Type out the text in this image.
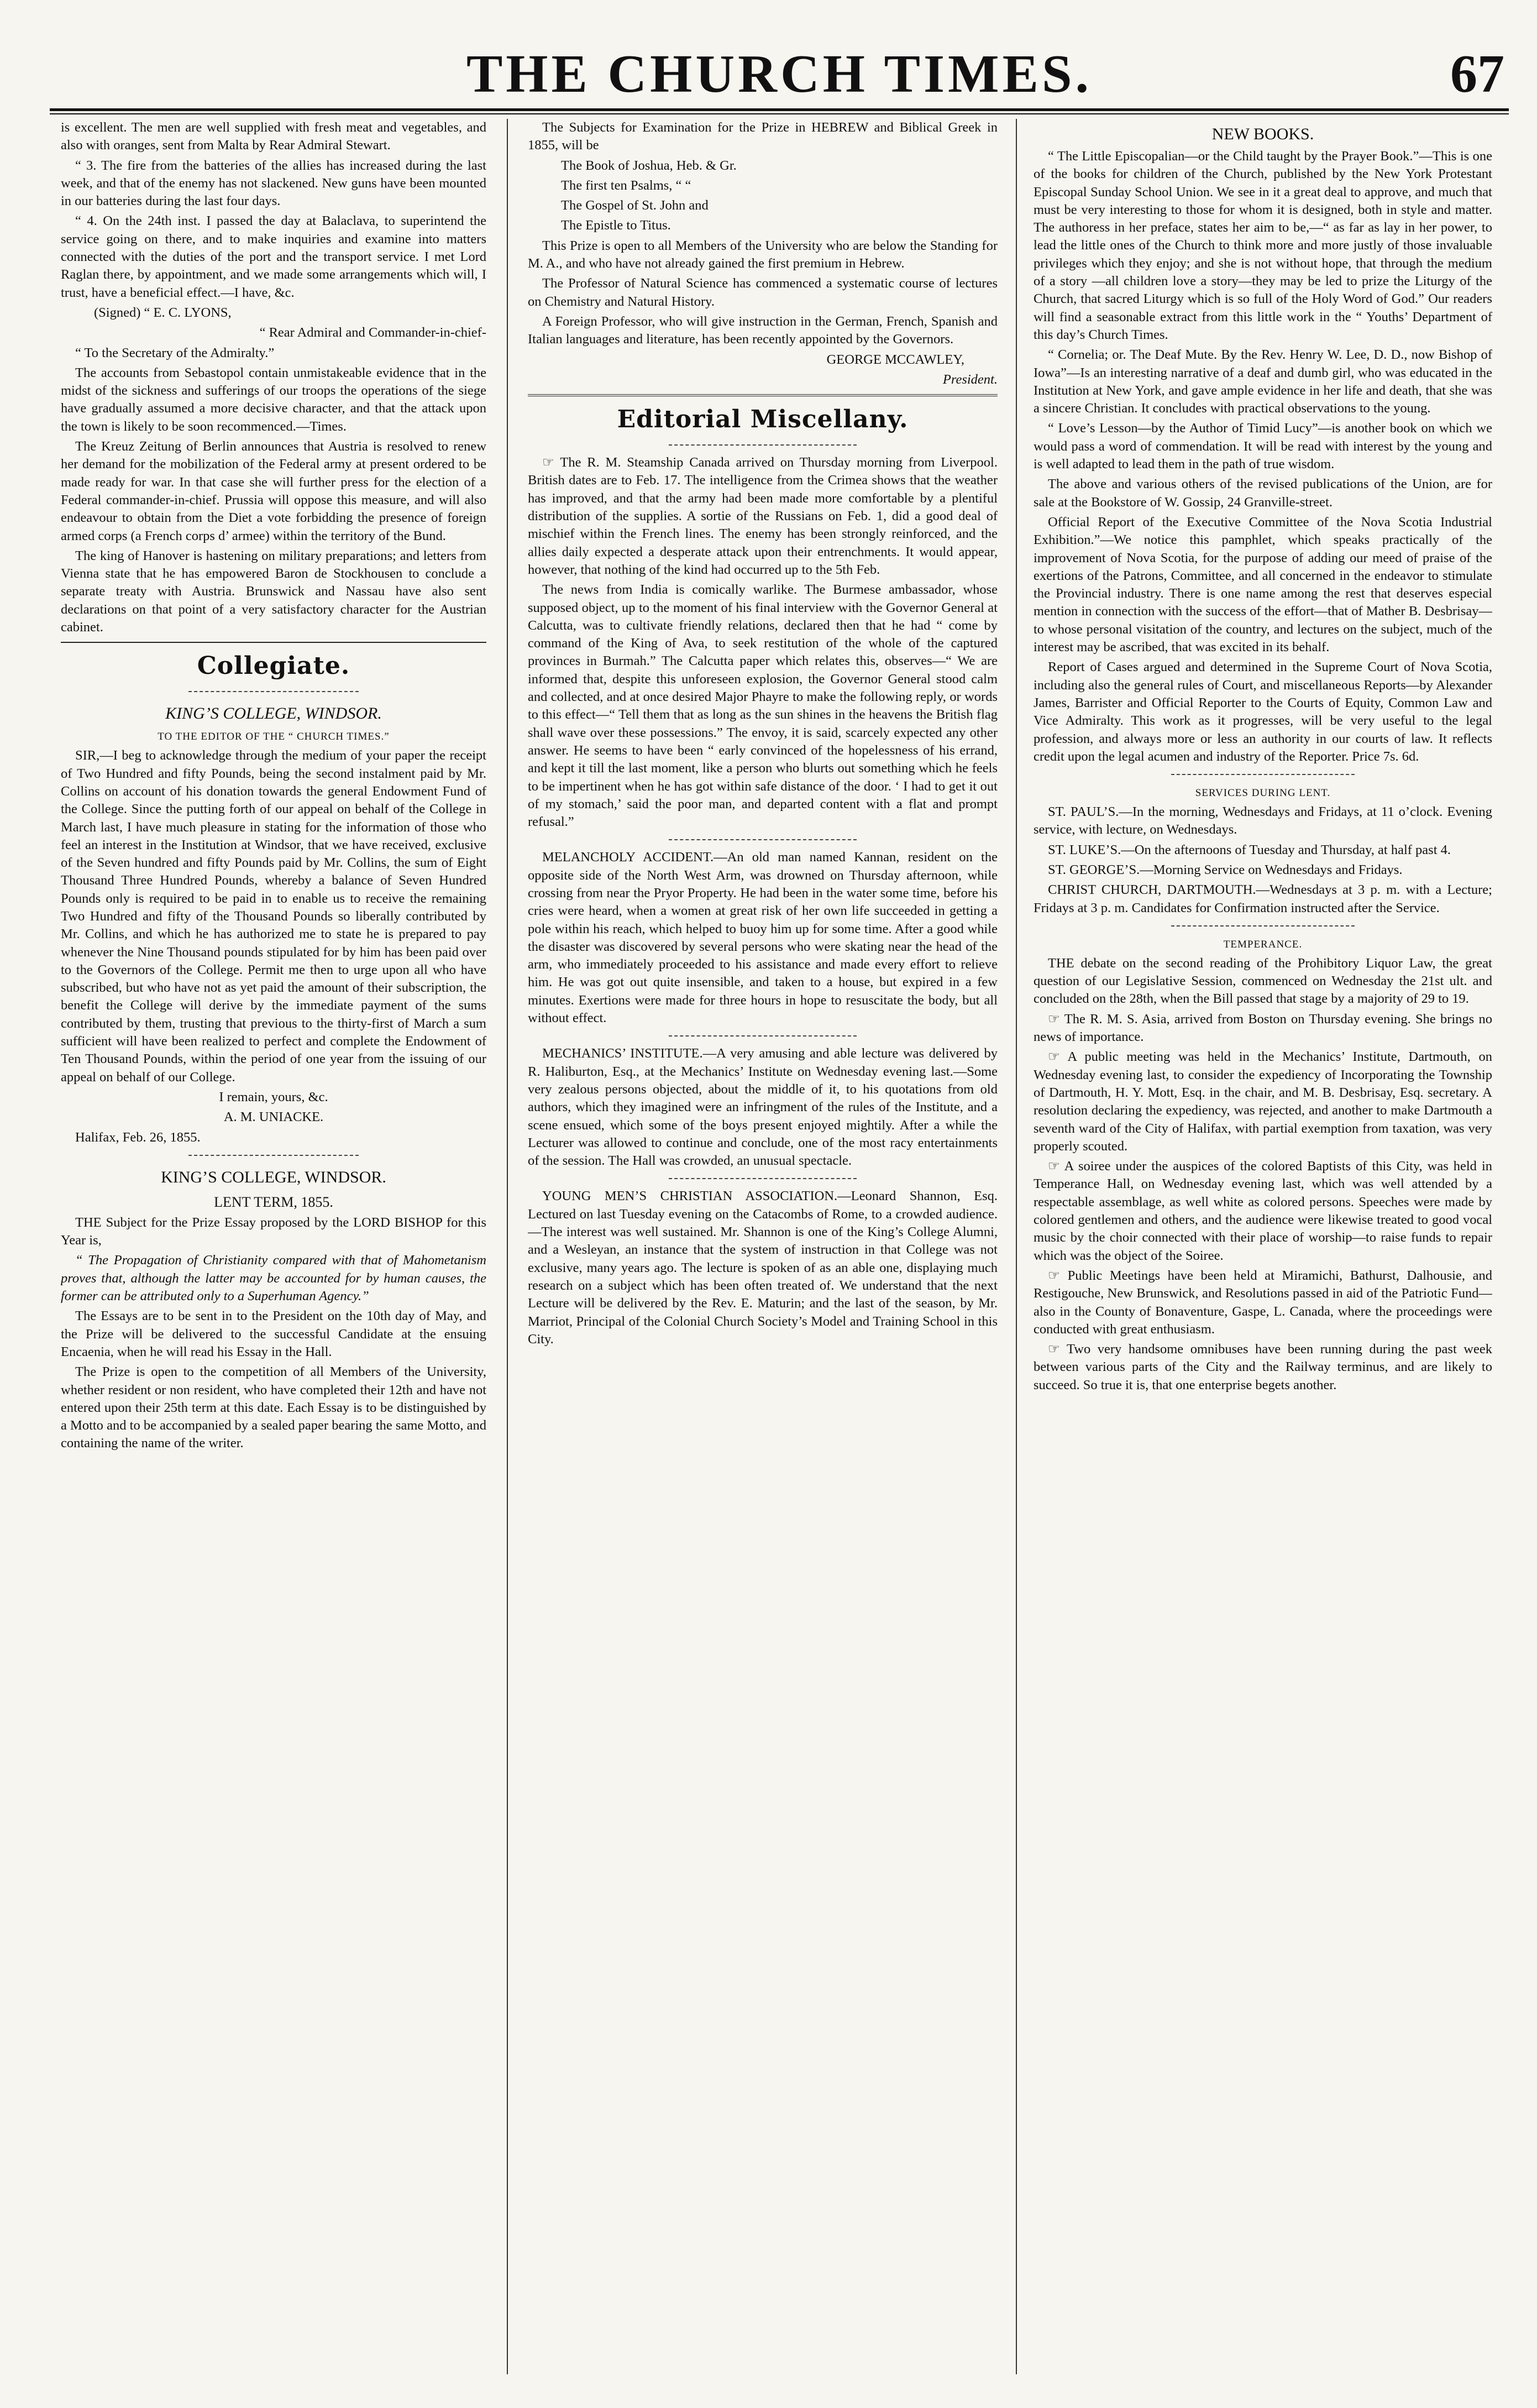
THE CHURCH TIMES.	67

is excellent. The men are well supplied with fresh meat and vegetables, and also with oranges, sent from Malta by Rear Admiral Stewart.

“ 3. The fire from the batteries of the allies has increased during the last week, and that of the enemy has not slackened. New guns have been mounted in our batteries during the last four days.

“ 4. On the 24th inst. I passed the day at Balaclava, to superintend the service going on there, and to make inquiries and examine into matters connected with the duties of the port and the transport service. I met Lord Raglan there, by appointment, and we made some arrangements which will, I trust, have a beneficial effect.—I have, &c.

(Signed) “ E. C. LYONS,

“ Rear Admiral and Commander-in-chief-

“ To the Secretary of the Admiralty.”

The accounts from Sebastopol contain unmistakeable evidence that in the midst of the sickness and sufferings of our troops the operations of the siege have gradually assumed a more decisive character, and that the attack upon the town is likely to be soon recommenced.—Times.

The Kreuz Zeitung of Berlin announces that Austria is resolved to renew her demand for the mobilization of the Federal army at present ordered to be made ready for war. In that case she will further press for the election of a Federal commander-in-chief. Prussia will oppose this measure, and will also endeavour to obtain from the Diet a vote forbidding the presence of foreign armed corps (a French corps d’ armee) within the territory of the Bund.

The king of Hanover is hastening on military preparations; and letters from Vienna state that he has empowered Baron de Stockhousen to conclude a separate treaty with Austria. Brunswick and Nassau have also sent declarations on that point of a very satisfactory character for the Austrian cabinet.

Collegiate.
KING’S COLLEGE, WINDSOR.
TO THE EDITOR OF THE “ CHURCH TIMES.”

SIR,—I beg to acknowledge through the medium of your paper the receipt of Two Hundred and fifty Pounds, being the second instalment paid by Mr. Collins on account of his donation towards the general Endowment Fund of the College. Since the putting forth of our appeal on behalf of the College in March last, I have much pleasure in stating for the information of those who feel an interest in the Institution at Windsor, that we have received, exclusive of the Seven hundred and fifty Pounds paid by Mr. Collins, the sum of Eight Thousand Three Hundred Pounds, whereby a balance of Seven Hundred Pounds only is required to be paid in to enable us to receive the remaining Two Hundred and fifty of the Thousand Pounds so liberally contributed by Mr. Collins, and which he has authorized me to state he is prepared to pay whenever the Nine Thousand pounds stipulated for by him has been paid over to the Governors of the College. Permit me then to urge upon all who have subscribed, but who have not as yet paid the amount of their subscription, the benefit the College will derive by the immediate payment of the sums contributed by them, trusting that previous to the thirty-first of March a sum sufficient will have been realized to perfect and complete the Endowment of Ten Thousand Pounds, within the period of one year from the issuing of our appeal on behalf of our College.

I remain, yours, &c.

A. M. UNIACKE.

Halifax, Feb. 26, 1855.

KING’S COLLEGE, WINDSOR.
LENT TERM, 1855.

THE Subject for the Prize Essay proposed by the LORD BISHOP for this Year is,

“ The Propagation of Christianity compared with that of Mahometanism proves that, although the latter may be accounted for by human causes, the former can be attributed only to a Superhuman Agency.”

The Essays are to be sent in to the President on the 10th day of May, and the Prize will be delivered to the successful Candidate at the ensuing Encaenia, when he will read his Essay in the Hall.

The Prize is open to the competition of all Members of the University, whether resident or non resident, who have completed their 12th and have not entered upon their 25th term at this date. Each Essay is to be distinguished by a Motto and to be accompanied by a sealed paper bearing the same Motto, and containing the name of the writer.

The Subjects for Examination for the Prize in HEBREW and Biblical Greek in 1855, will be

The Book of Joshua, Heb. & Gr.

The first ten Psalms, “ “

The Gospel of St. John and

The Epistle to Titus.

This Prize is open to all Members of the University who are below the Standing for M. A., and who have not already gained the first premium in Hebrew.

The Professor of Natural Science has commenced a systematic course of lectures on Chemistry and Natural History.

A Foreign Professor, who will give instruction in the German, French, Spanish and Italian languages and literature, has been recently appointed by the Governors.

GEORGE MCCAWLEY,

President.

Editorial Miscellany.

☞ The R. M. Steamship Canada arrived on Thursday morning from Liverpool. British dates are to Feb. 17. The intelligence from the Crimea shows that the weather has improved, and that the army had been made more comfortable by a plentiful distribution of the supplies. A sortie of the Russians on Feb. 1, did a good deal of mischief within the French lines. The enemy has been strongly reinforced, and the allies daily expected a desperate attack upon their entrenchments. It would appear, however, that nothing of the kind had occurred up to the 5th Feb.

The news from India is comically warlike. The Burmese ambassador, whose supposed object, up to the moment of his final interview with the Governor General at Calcutta, was to cultivate friendly relations, declared then that he had “ come by command of the King of Ava, to seek restitution of the whole of the captured provinces in Burmah.” The Calcutta paper which relates this, observes—“ We are informed that, despite this unforeseen explosion, the Governor General stood calm and collected, and at once desired Major Phayre to make the following reply, or words to this effect—“ Tell them that as long as the sun shines in the heavens the British flag shall wave over these possessions.” The envoy, it is said, scarcely expected any other answer. He seems to have been “ early convinced of the hopelessness of his errand, and kept it till the last moment, like a person who blurts out something which he feels to be impertinent when he has got within safe distance of the door. ‘ I had to get it out of my stomach,’ said the poor man, and departed content with a flat and prompt refusal.”

MELANCHOLY ACCIDENT.—An old man named Kannan, resident on the opposite side of the North West Arm, was drowned on Thursday afternoon, while crossing from near the Pryor Property. He had been in the water some time, before his cries were heard, when a women at great risk of her own life succeeded in getting a pole within his reach, which helped to buoy him up for some time. After a good while the disaster was discovered by several persons who were skating near the head of the arm, who immediately proceeded to his assistance and made every effort to relieve him. He was got out quite insensible, and taken to a house, but expired in a few minutes. Exertions were made for three hours in hope to resuscitate the body, but all without effect.

MECHANICS’ INSTITUTE.—A very amusing and able lecture was delivered by R. Haliburton, Esq., at the Mechanics’ Institute on Wednesday evening last.—Some very zealous persons objected, about the middle of it, to his quotations from old authors, which they imagined were an infringment of the rules of the Institute, and a scene ensued, which some of the boys present enjoyed mightily. After a while the Lecturer was allowed to continue and conclude, one of the most racy entertainments of the session. The Hall was crowded, an unusual spectacle.

YOUNG MEN’S CHRISTIAN ASSOCIATION.—Leonard Shannon, Esq. Lectured on last Tuesday evening on the Catacombs of Rome, to a crowded audience.—The interest was well sustained. Mr. Shannon is one of the King’s College Alumni, and a Wesleyan, an instance that the system of instruction in that College was not exclusive, many years ago. The lecture is spoken of as an able one, displaying much research on a subject which has been often treated of. We understand that the next Lecture will be delivered by the Rev. E. Maturin; and the last of the season, by Mr. Marriot, Principal of the Colonial Church Society’s Model and Training School in this City.

NEW BOOKS.

“ The Little Episcopalian—or the Child taught by the Prayer Book.”—This is one of the books for children of the Church, published by the New York Protestant Episcopal Sunday School Union. We see in it a great deal to approve, and much that must be very interesting to those for whom it is designed, both in style and matter. The authoress in her preface, states her aim to be,—“ as far as lay in her power, to lead the little ones of the Church to think more and more justly of those invaluable privileges which they enjoy; and she is not without hope, that through the medium of a story —all children love a story—they may be led to prize the Liturgy of the Church, that sacred Liturgy which is so full of the Holy Word of God.” Our readers will find a seasonable extract from this little work in the “ Youths’ Department of this day’s Church Times.

“ Cornelia; or. The Deaf Mute. By the Rev. Henry W. Lee, D. D., now Bishop of Iowa”—Is an interesting narrative of a deaf and dumb girl, who was educated in the Institution at New York, and gave ample evidence in her life and death, that she was a sincere Christian. It concludes with practical observations to the young.

“ Love’s Lesson—by the Author of Timid Lucy”—is another book on which we would pass a word of commendation. It will be read with interest by the young and is well adapted to lead them in the path of true wisdom.

The above and various others of the revised publications of the Union, are for sale at the Bookstore of W. Gossip, 24 Granville-street.

Official Report of the Executive Committee of the Nova Scotia Industrial Exhibition.”—We notice this pamphlet, which speaks practically of the improvement of Nova Scotia, for the purpose of adding our meed of praise of the exertions of the Patrons, Committee, and all concerned in the endeavor to stimulate the Provincial industry. There is one name among the rest that deserves especial mention in connection with the success of the effort—that of Mather B. Desbrisay—to whose personal visitation of the country, and lectures on the subject, much of the interest may be ascribed, that was excited in its behalf.

Report of Cases argued and determined in the Supreme Court of Nova Scotia, including also the general rules of Court, and miscellaneous Reports—by Alexander James, Barrister and Official Reporter to the Courts of Equity, Common Law and Vice Admiralty. This work as it progresses, will be very useful to the legal profession, and always more or less an authority in our courts of law. It reflects credit upon the legal acumen and industry of the Reporter. Price 7s. 6d.

SERVICES DURING LENT.

ST. PAUL’S.—In the morning, Wednesdays and Fridays, at 11 o’clock. Evening service, with lecture, on Wednesdays.

ST. LUKE’S.—On the afternoons of Tuesday and Thursday, at half past 4.

ST. GEORGE’S.—Morning Service on Wednesdays and Fridays.

CHRIST CHURCH, DARTMOUTH.—Wednesdays at 3 p. m. with a Lecture; Fridays at 3 p. m. Candidates for Confirmation instructed after the Service.

TEMPERANCE.

THE debate on the second reading of the Prohibitory Liquor Law, the great question of our Legislative Session, commenced on Wednesday the 21st ult. and concluded on the 28th, when the Bill passed that stage by a majority of 29 to 19.

☞ The R. M. S. Asia, arrived from Boston on Thursday evening. She brings no news of importance.

☞ A public meeting was held in the Mechanics’ Institute, Dartmouth, on Wednesday evening last, to consider the expediency of Incorporating the Township of Dartmouth, H. Y. Mott, Esq. in the chair, and M. B. Desbrisay, Esq. secretary. A resolution declaring the expediency, was rejected, and another to make Dartmouth a seventh ward of the City of Halifax, with partial exemption from taxation, was very properly scouted.

☞ A soiree under the auspices of the colored Baptists of this City, was held in Temperance Hall, on Wednesday evening last, which was well attended by a respectable assemblage, as well white as colored persons. Speeches were made by colored gentlemen and others, and the audience were likewise treated to good vocal music by the choir connected with their place of worship—to raise funds to repair which was the object of the Soiree.

☞ Public Meetings have been held at Miramichi, Bathurst, Dalhousie, and Restigouche, New Brunswick, and Resolutions passed in aid of the Patriotic Fund—also in the County of Bonaventure, Gaspe, L. Canada, where the proceedings were conducted with great enthusiasm.

☞ Two very handsome omnibuses have been running during the past week between various parts of the City and the Railway terminus, and are likely to succeed. So true it is, that one enterprise begets another.
